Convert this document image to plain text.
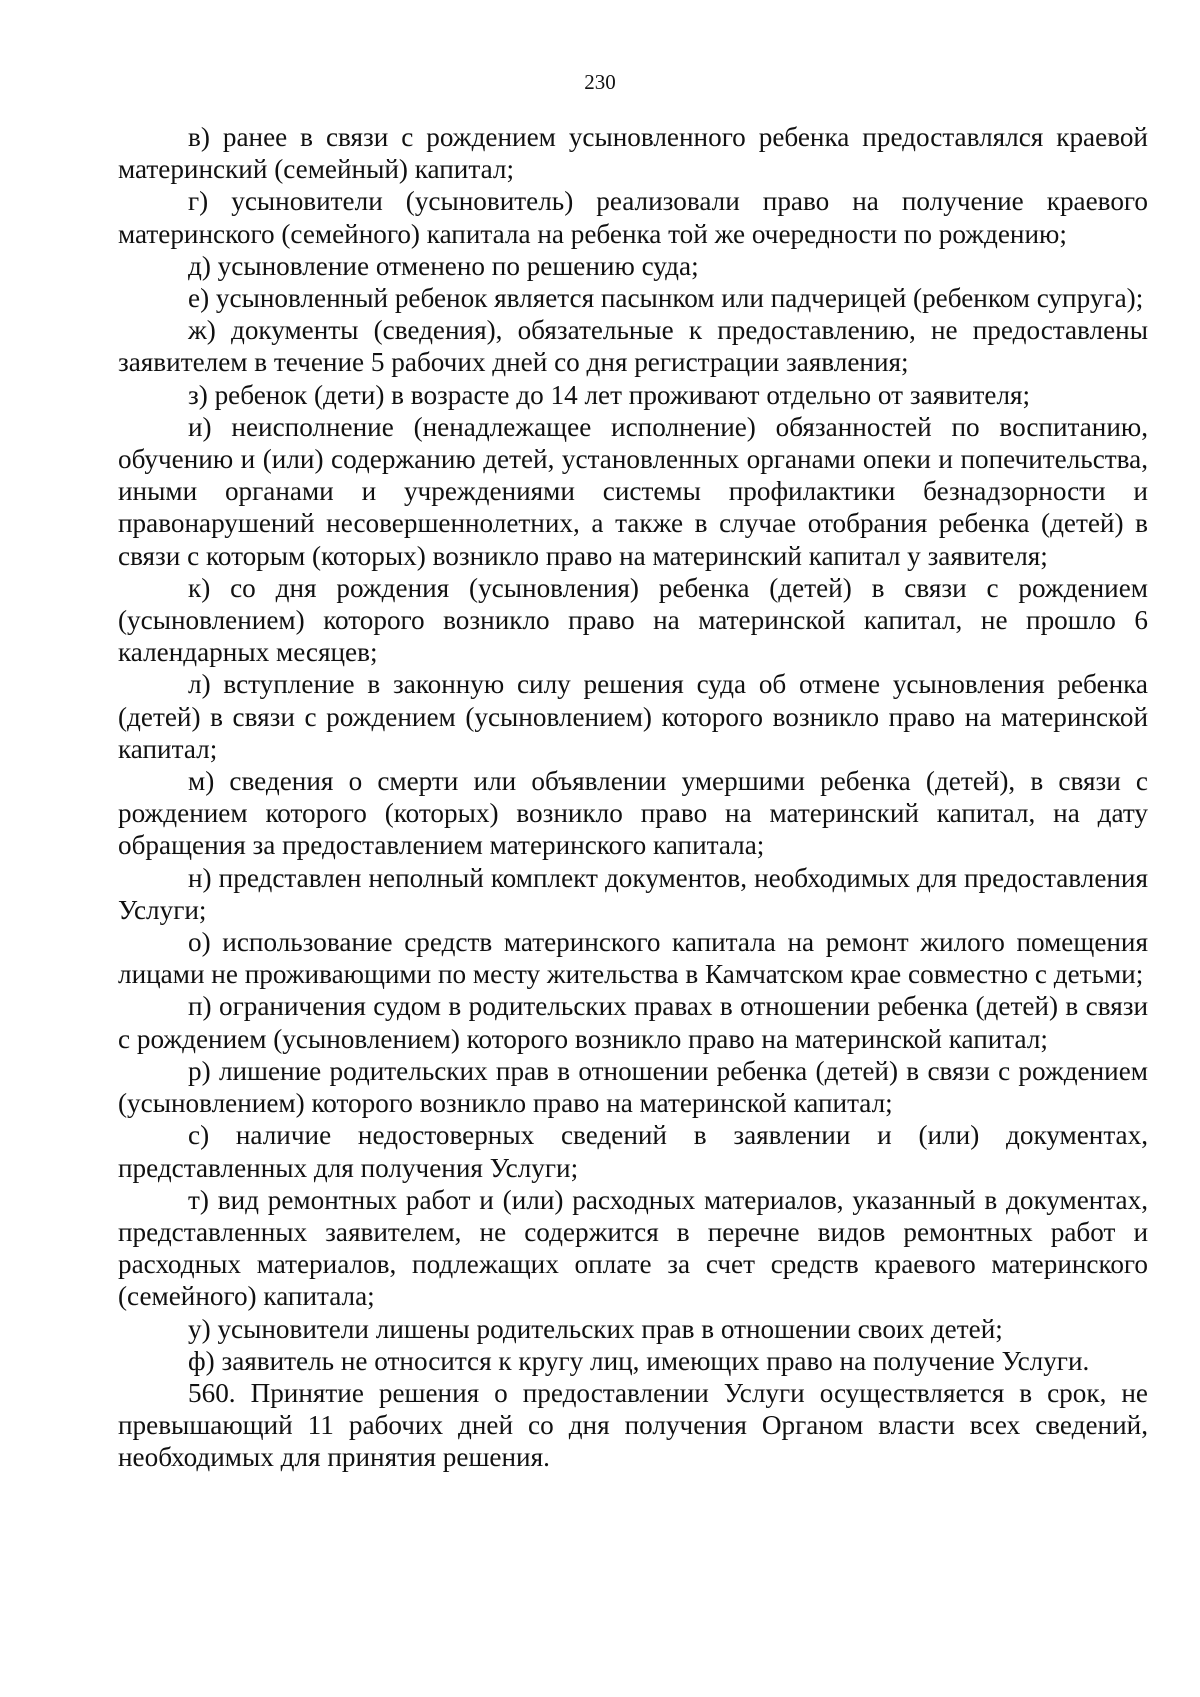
230

в) ранее в связи с рождением усыновленного ребенка предоставлялся краевой материнский (семейный) капитал;

г) усыновители (усыновитель) реализовали право на получение краевого материнского (семейного) капитала на ребенка той же очередности по рождению;

д) усыновление отменено по решению суда;

е) усыновленный ребенок является пасынком или падчерицей (ребенком супруга);

ж) документы (сведения), обязательные к предоставлению, не предоставлены заявителем в течение 5 рабочих дней со дня регистрации заявления;

з) ребенок (дети) в возрасте до 14 лет проживают отдельно от заявителя;

и) неисполнение (ненадлежащее исполнение) обязанностей по воспитанию, обучению и (или) содержанию детей, установленных органами опеки и попечительства, иными органами и учреждениями системы профилактики безнадзорности и правонарушений несовершеннолетних, а также в случае отобрания ребенка (детей) в связи с которым (которых) возникло право на материнский капитал у заявителя;

к) со дня рождения (усыновления) ребенка (детей) в связи с рождением (усыновлением) которого возникло право на материнской капитал, не прошло 6 календарных месяцев;

л) вступление в законную силу решения суда об отмене усыновления ребенка (детей) в связи с рождением (усыновлением) которого возникло право на материнской капитал;

м) сведения о смерти или объявлении умершими ребенка (детей), в связи с рождением которого (которых) возникло право на материнский капитал, на дату обращения за предоставлением материнского капитала;

н) представлен неполный комплект документов, необходимых для предоставления Услуги;

о) использование средств материнского капитала на ремонт жилого помещения лицами не проживающими по месту жительства в Камчатском крае совместно с детьми;

п) ограничения судом в родительских правах в отношении ребенка (детей) в связи с рождением (усыновлением) которого возникло право на материнской капитал;

р) лишение родительских прав в отношении ребенка (детей) в связи с рождением (усыновлением) которого возникло право на материнской капитал;

с) наличие недостоверных сведений в заявлении и (или) документах, представленных для получения Услуги;

т) вид ремонтных работ и (или) расходных материалов, указанный в документах, представленных заявителем, не содержится в перечне видов ремонтных работ и расходных материалов, подлежащих оплате за счет средств краевого материнского (семейного) капитала;

у) усыновители лишены родительских прав в отношении своих детей;

ф) заявитель не относится к кругу лиц, имеющих право на получение Услуги.

560. Принятие решения о предоставлении Услуги осуществляется в срок, не превышающий 11 рабочих дней со дня получения Органом власти всех сведений, необходимых для принятия решения.
